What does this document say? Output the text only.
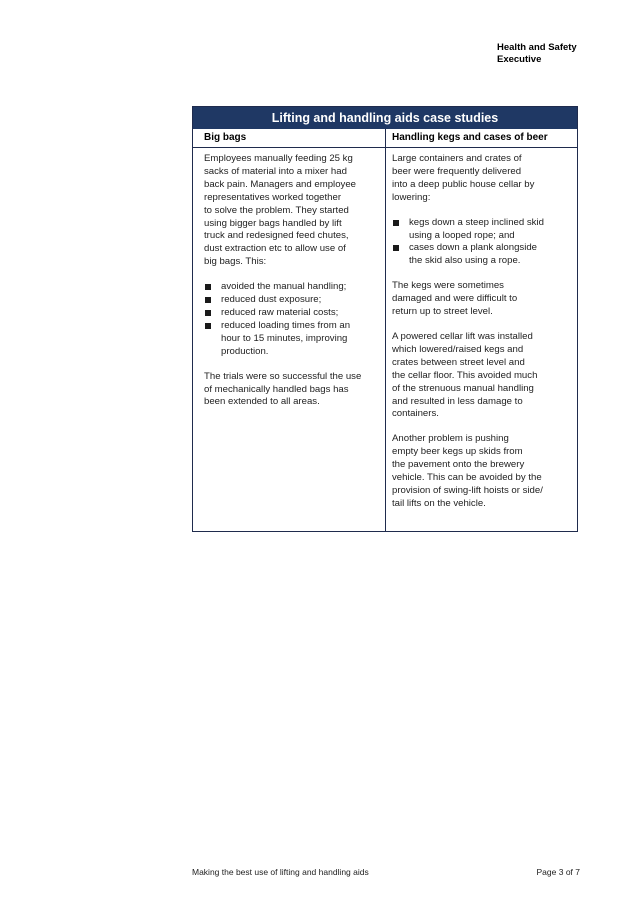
Health and Safety
Executive
Lifting and handling aids case studies
Big bags	Handling kegs and cases of beer
Employees manually feeding 25 kg
sacks of material into a mixer had
back pain. Managers and employee
representatives worked together
to solve the problem. They started
using bigger bags handled by lift
truck and redesigned feed chutes,
dust extraction etc to allow use of
big bags. This:
avoided the manual handling;
reduced dust exposure;
reduced raw material costs;
reduced loading times from an
hour to 15 minutes, improving
production.
The trials were so successful the use
of mechanically handled bags has
been extended to all areas.
Large containers and crates of
beer were frequently delivered
into a deep public house cellar by
lowering:
kegs down a steep inclined skid
using a looped rope; and
cases down a plank alongside
the skid also using a rope.
The kegs were sometimes
damaged and were difficult to
return up to street level.
A powered cellar lift was installed
which lowered/raised kegs and
crates between street level and
the cellar floor. This avoided much
of the strenuous manual handling
and resulted in less damage to
containers.
Another problem is pushing
empty beer kegs up skids from
the pavement onto the brewery
vehicle. This can be avoided by the
provision of swing-lift hoists or side/
tail lifts on the vehicle.
Making the best use of lifting and handling aids	Page 3 of 7
